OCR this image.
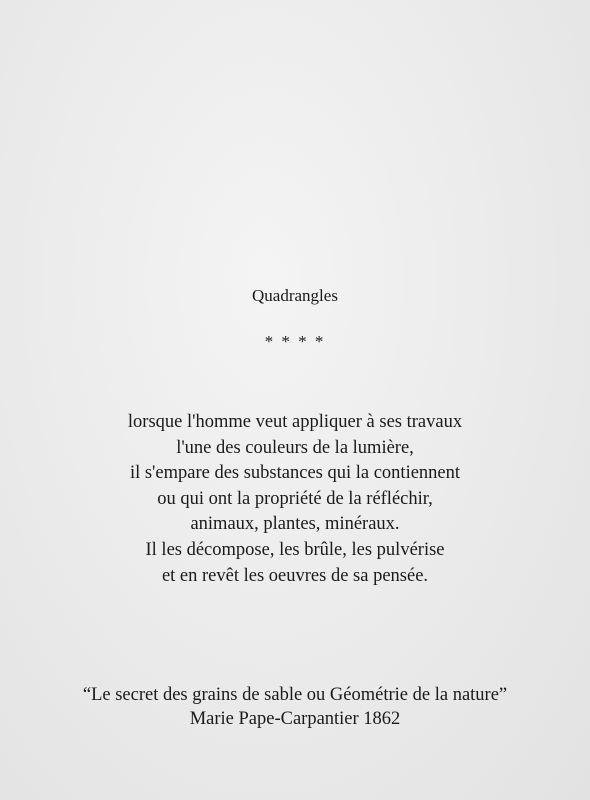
Quadrangles
* * * *
lorsque l'homme veut appliquer à ses travaux
l'une des couleurs de la lumière,
il s'empare des substances qui la contiennent
ou qui ont la propriété de la réfléchir,
animaux, plantes, minéraux.
Il les décompose, les brûle, les pulvérise
et en revêt les oeuvres de sa pensée.
“Le secret des grains de sable ou Géométrie de la nature”
Marie Pape-Carpantier 1862
